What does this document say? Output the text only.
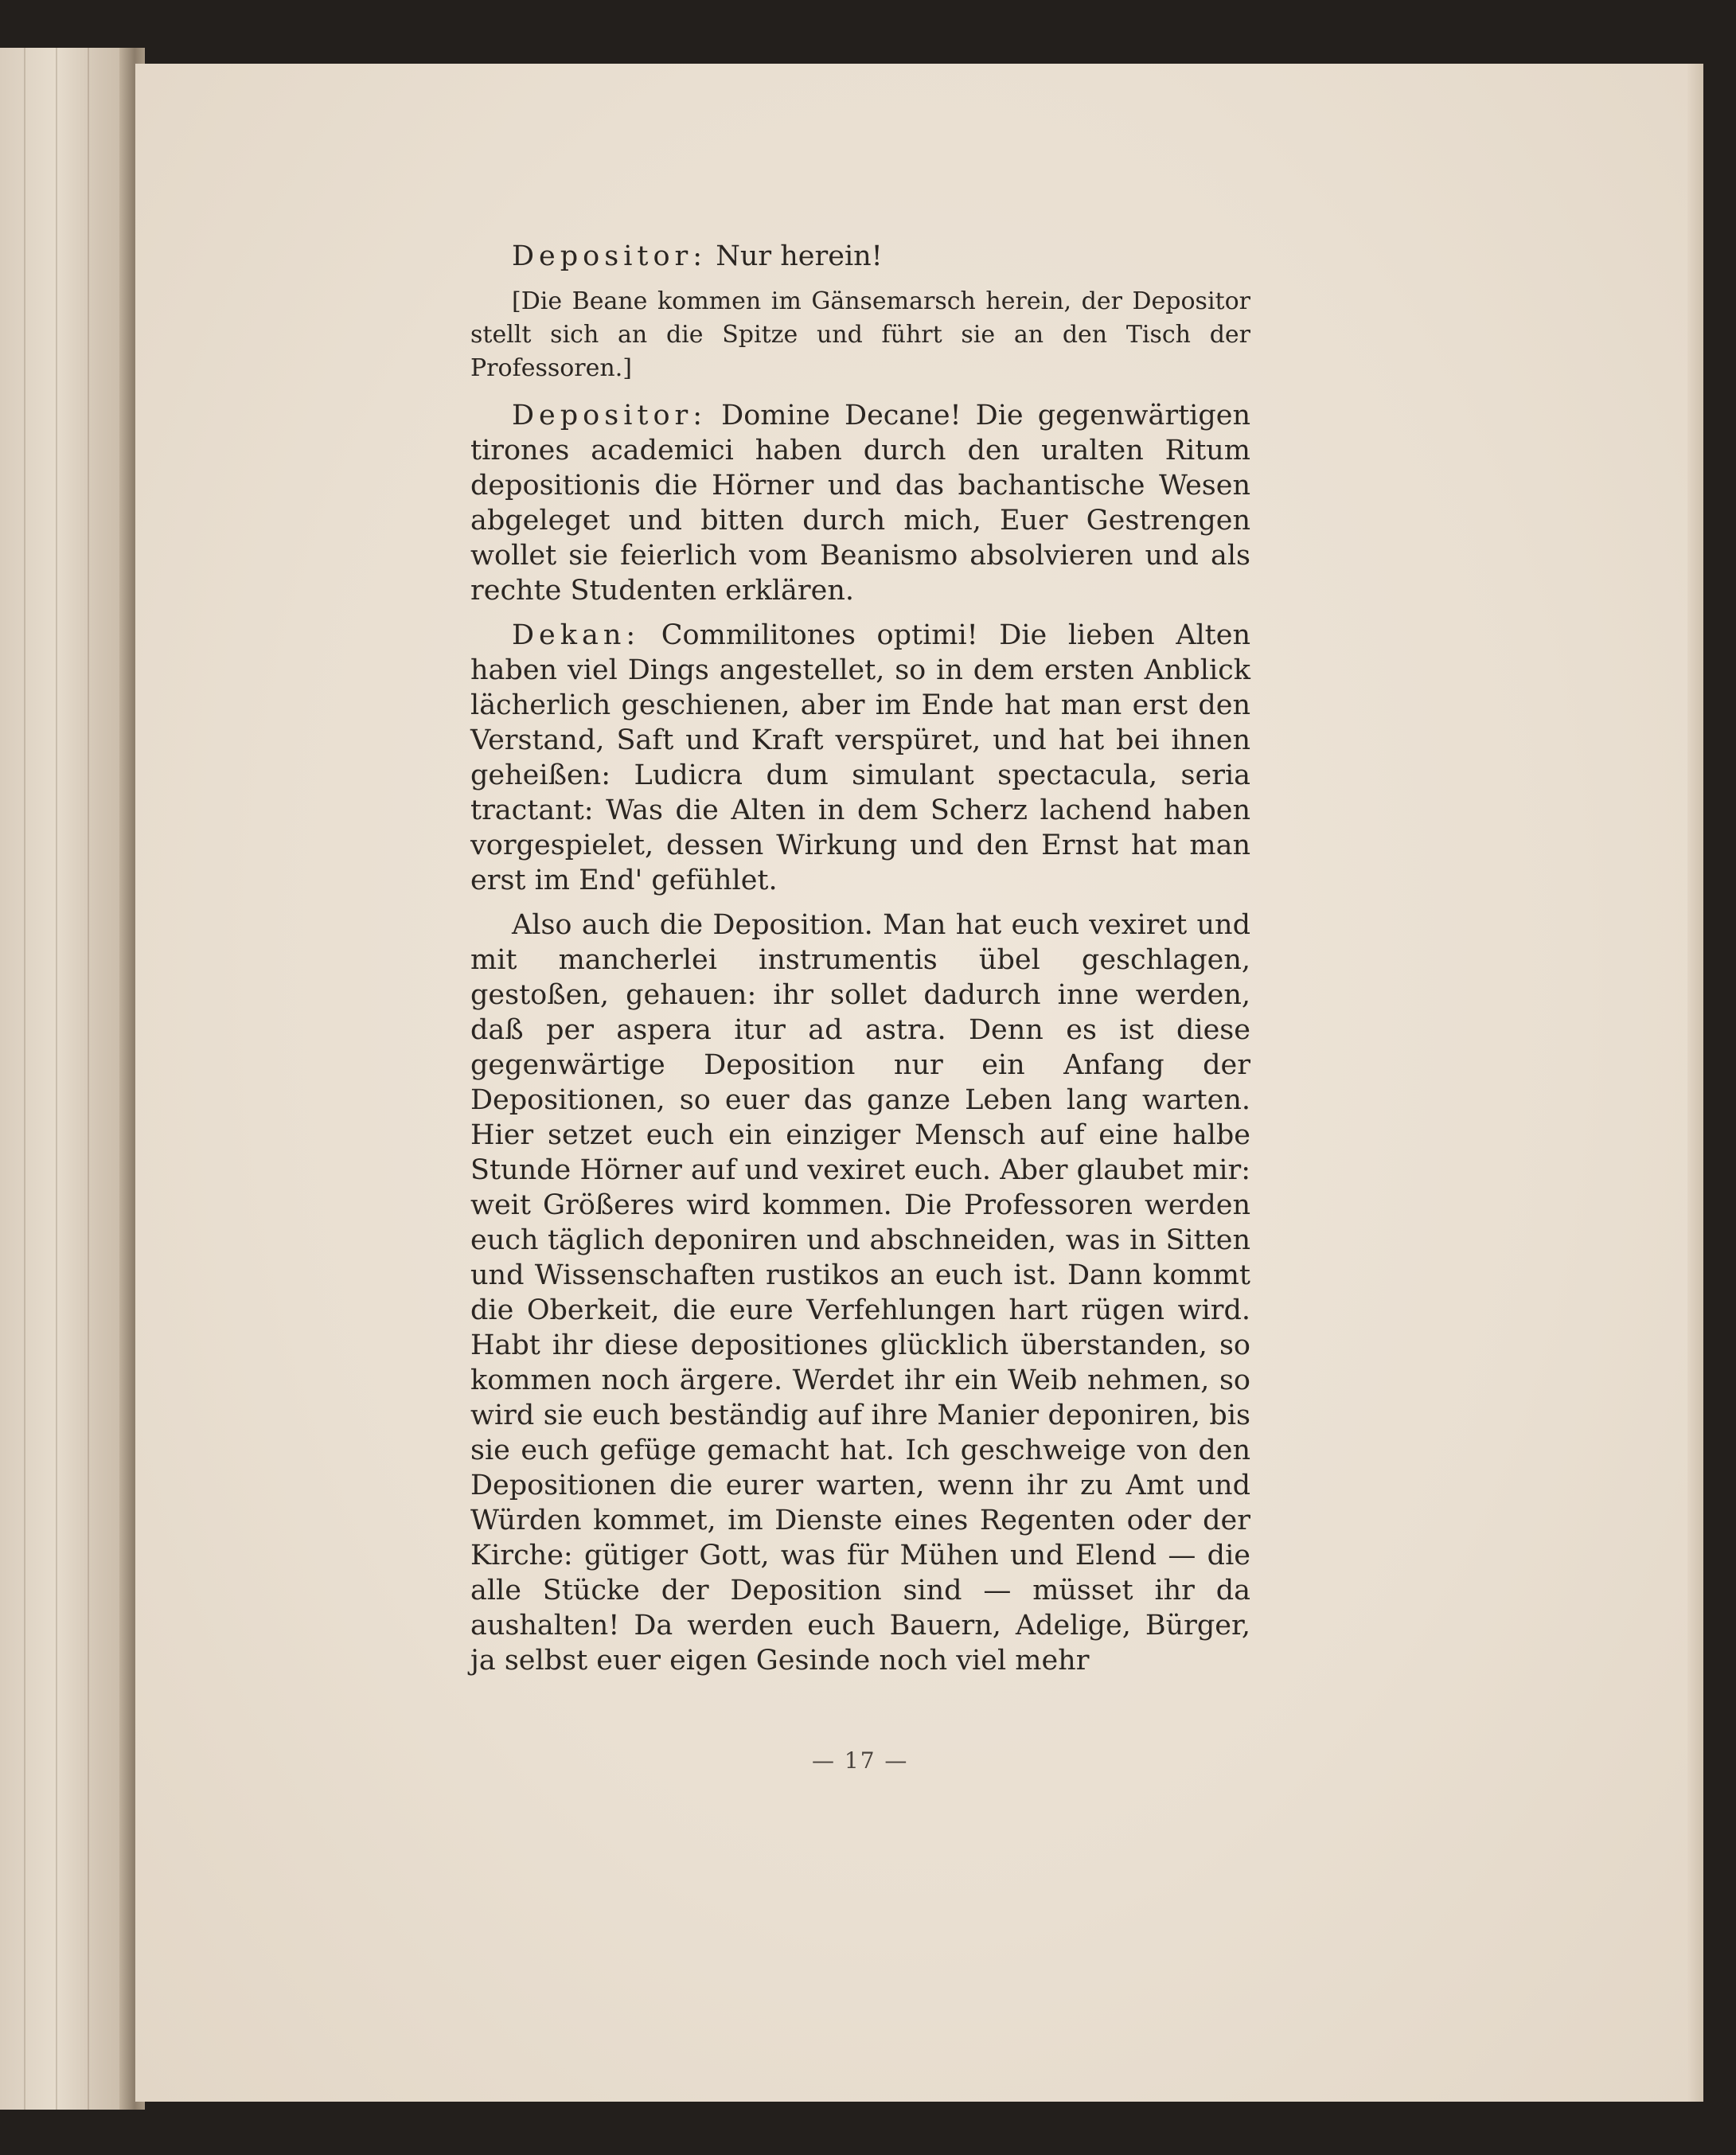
Depositor: Nur herein!

[Die Beane kommen im Gänsemarsch herein, der Depositor stellt sich an die Spitze und führt sie an den Tisch der Professoren.]

Depositor: Domine Decane! Die gegenwärtigen tirones academici haben durch den uralten Ritum depositionis die Hörner und das bachantische Wesen abgeleget und bitten durch mich, Euer Gestrengen wollet sie feierlich vom Beanismo absolvieren und als rechte Studenten erklären.

Dekan: Commilitones optimi! Die lieben Alten haben viel Dings angestellet, so in dem ersten Anblick lächerlich geschienen, aber im Ende hat man erst den Verstand, Saft und Kraft verspüret, und hat bei ihnen geheißen: Ludicra dum simulant spectacula, seria tractant: Was die Alten in dem Scherz lachend haben vorgespielet, dessen Wirkung und den Ernst hat man erst im End' gefühlet.

Also auch die Deposition. Man hat euch vexiret und mit mancherlei instrumentis übel geschlagen, gestoßen, gehauen: ihr sollet dadurch inne werden, daß per aspera itur ad astra. Denn es ist diese gegenwärtige Deposition nur ein Anfang der Depositionen, so euer das ganze Leben lang warten. Hier setzet euch ein einziger Mensch auf eine halbe Stunde Hörner auf und vexiret euch. Aber glaubet mir: weit Größeres wird kommen. Die Professoren werden euch täglich deponiren und abschneiden, was in Sitten und Wissenschaften rustikos an euch ist. Dann kommt die Oberkeit, die eure Verfehlungen hart rügen wird. Habt ihr diese depositiones glücklich überstanden, so kommen noch ärgere. Werdet ihr ein Weib nehmen, so wird sie euch beständig auf ihre Manier deponiren, bis sie euch gefüge gemacht hat. Ich geschweige von den Depositionen die eurer warten, wenn ihr zu Amt und Würden kommet, im Dienste eines Regenten oder der Kirche: gütiger Gott, was für Mühen und Elend — die alle Stücke der Deposition sind — müsset ihr da aushalten! Da werden euch Bauern, Adelige, Bürger, ja selbst euer eigen Gesinde noch viel mehr

— 17 —
